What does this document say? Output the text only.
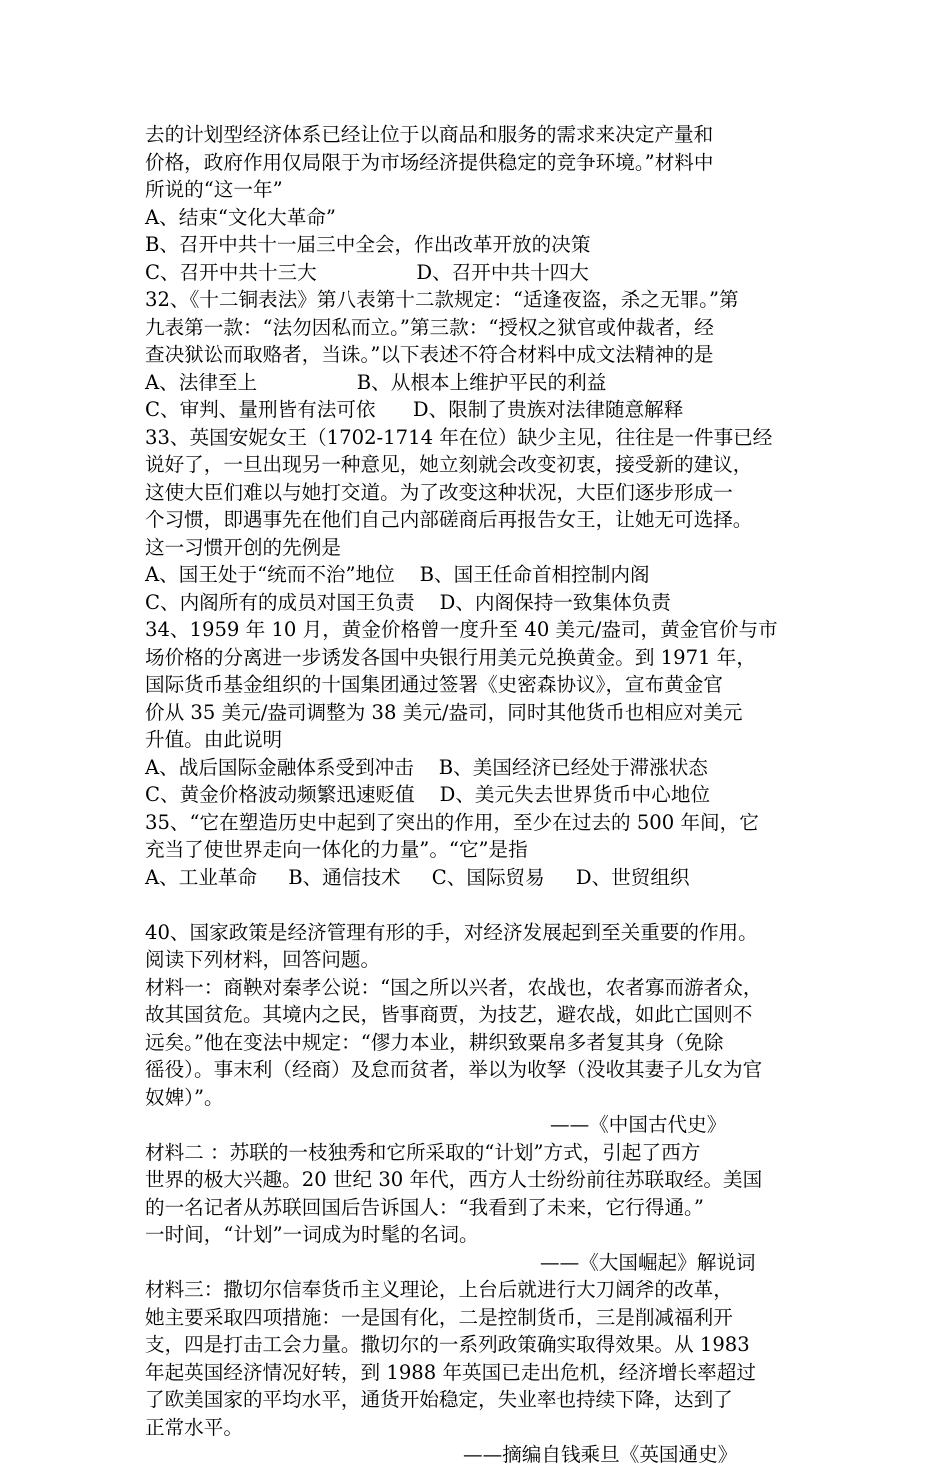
去的计划型经济体系已经让位于以商品和服务的需求来决定产量和
价格，政府作用仅局限于为市场经济提供稳定的竞争环境。”材料中
所说的“这一年”
A、结束“文化大革命”
B、召开中共十一届三中全会，作出改革开放的决策
C、召开中共十三大                D、召开中共十四大
32、《十二铜表法》第八表第十二款规定：“适逢夜盗，杀之无罪。”第
九表第一款：“法勿因私而立。”第三款：“授权之狱官或仲裁者，经
查决狱讼而取赂者，当诛。”以下表述不符合材料中成文法精神的是
A、法律至上                B、从根本上维护平民的利益
C、审判、量刑皆有法可依      D、限制了贵族对法律随意解释
33、英国安妮女王（1702-1714 年在位）缺少主见，往往是一件事已经
说好了，一旦出现另一种意见，她立刻就会改变初衷，接受新的建议，
这使大臣们难以与她打交道。为了改变这种状况，大臣们逐步形成一
个习惯，即遇事先在他们自己内部磋商后再报告女王，让她无可选择。
这一习惯开创的先例是
A、国王处于“统而不治”地位    B、国王任命首相控制内阁
C、内阁所有的成员对国王负责    D、内阁保持一致集体负责
34、1959 年 10 月，黄金价格曾一度升至 40 美元/盎司，黄金官价与市
场价格的分离进一步诱发各国中央银行用美元兑换黄金。到 1971 年，
国际货币基金组织的十国集团通过签署《史密森协议》，宣布黄金官
价从 35 美元/盎司调整为 38 美元/盎司，同时其他货币也相应对美元
升值。由此说明
A、战后国际金融体系受到冲击    B、美国经济已经处于滞涨状态
C、黄金价格波动频繁迅速贬值    D、美元失去世界货币中心地位
35、“它在塑造历史中起到了突出的作用，至少在过去的 500 年间，它
充当了使世界走向一体化的力量”。“它”是指
A、工业革命     B、通信技术     C、国际贸易     D、世贸组织
40、国家政策是经济管理有形的手，对经济发展起到至关重要的作用。
阅读下列材料，回答问题。
材料一：商鞅对秦孝公说：“国之所以兴者，农战也，农者寡而游者众，
故其国贫危。其境内之民，皆事商贾，为技艺，避农战，如此亡国则不
远矣。”他在变法中规定：“僇力本业，耕织致粟帛多者复其身（免除
徭役）。事末利（经商）及怠而贫者，举以为收孥（没收其妻子儿女为官
奴婢）”。
——《中国古代史》
材料二 ：苏联的一枝独秀和它所采取的“计划”方式，引起了西方
世界的极大兴趣。20 世纪 30 年代，西方人士纷纷前往苏联取经。美国
的一名记者从苏联回国后告诉国人：“我看到了未来，它行得通。”
一时间，“计划”一词成为时髦的名词。
——《大国崛起》解说词
材料三：撒切尔信奉货币主义理论，上台后就进行大刀阔斧的改革，
她主要采取四项措施：一是国有化，二是控制货币，三是削减福利开
支，四是打击工会力量。撒切尔的一系列政策确实取得效果。从 1983
年起英国经济情况好转，到 1988 年英国已走出危机，经济增长率超过
了欧美国家的平均水平，通货开始稳定，失业率也持续下降，达到了
正常水平。
——摘编自钱乘旦《英国通史》
